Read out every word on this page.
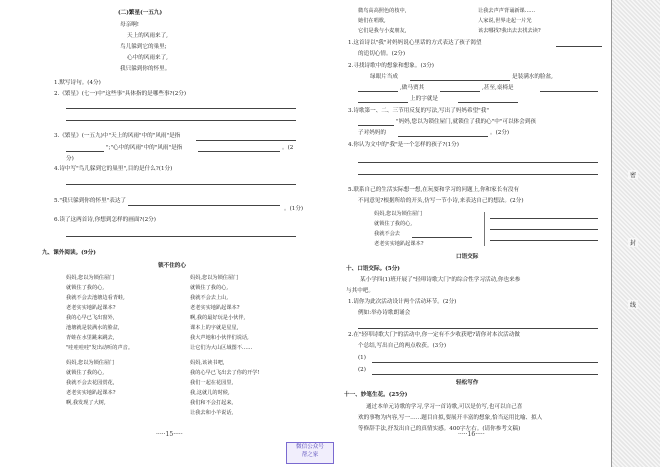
(二)繁星(一五九)
母亲啊!
天上的风雨来了,
鸟儿躲到它的巢里;
心中的风雨来了,
我只躲到你的怀里。
1.默写诗句。(4分)
2.《繁星》(七一)中"这些事"具体指的是哪些事?(2分)
3.《繁星》(一五九)中"天上的风雨"中的"风雨"是指
";"心中的风雨"中的"风雨"是指	。(2
分)
4.诗中写"鸟儿躲到它的巢里",目的是什么?(1分)
5."我只躲到你的怀里"表达了
。(1分)
6.读了这两首诗,你想到怎样的画面?(2分)
九、课外阅读。(9分)
锁不住的心
妈妈,您以为锁住屋门
就锁住了我的心,
我就不会去池塘边看青蛙,
老老实实地趴起课本?
我的心早已飞出窗外,
池塘就是装满水的脸盆,
青蛙在水里跳来跳去,
"哇哇哇哇"发出动听的声音。
妈妈,您以为锁住屋门
就锁住了我的心,
我就不会去上山,
老老实实地趴起课本?
啊,我的最好玩是小伙伴,
课本上的字就是星星,
我大声地和小伙伴们说话,
让它们为大山区域图不……
妈妈,您以为锁住屋门
就锁住了我的心,
我就不会去花园赏花,
老老实实地趴起课本?
啊,我发现了大树,
妈妈,该读书吧,
我的心早已飞出去了你的开学!
我们一起在花园里,
我,这就儿的时候,
我们和不会打起来,
让我去和小羊说话,
·····15·····
微鸟高高照色的枝中,
她们在唱歌,
它们是我与小麦朋友,
让我去声声背诵新课……
人家说,世界走起一片光
该去哪找?我出去去找去读?
1.这首诗以"我"对妈妈说心里话的方式表达了孩子渴望
的追切心情。(2分)
2.寻找诗歌中的想象和想象。(3分)
绿眼片当成	是装满水的脸盆,
,做马贾其	,甚至,桌椅是
上的字就是
3.诗歌第一、二、三节用反复的写法,写出了妈妈希望"我"
"妈妈,您以为锁住屋门,就锁住了我的心"中"可以体会到孩
子对妈妈的	。(2分)
4.你认为文中的"我"是一个怎样的孩子?(1分)
5.联系自己的生活实际想一想,在玩耍和学习的问题上,你和家长有没有
不同意见?根据所给的开头,仿写一节小诗,来表达自己的想法。(2分)
妈妈,您以为锁住屋门
就锁住了我的心,
我就不会去
老老实实地趴起课本?
口语交际
十、口语交际。(5分)
某小学四(1)班开展了"轻叩诗歌大门"的综合性学习活动,你也来参
与其中吧。
1.请你为此次活动设计两个活动环节。(2分)
例如:举办诗歌朗诵会
2.在"轻叩诗歌大门"的活动中,你一定有不少收获吧?请你对本次活动做
个总结,写出自己的两点收获。(3分)
(1)
(2)
轻松写作
十一、妙笔生花。(25分)
通过本单元诗歌的学习,学习一首诗歌,可以是仿写,也可以自己喜
欢的事物为内容,写一……题目自拟,要展开丰富的想象,恰当运用比喻、拟人
等修辞手法,抒发出自己的真情实感。400字左右。(请你参考文稿)
·····16·····
密
封
线
微信公众号
帮之家
